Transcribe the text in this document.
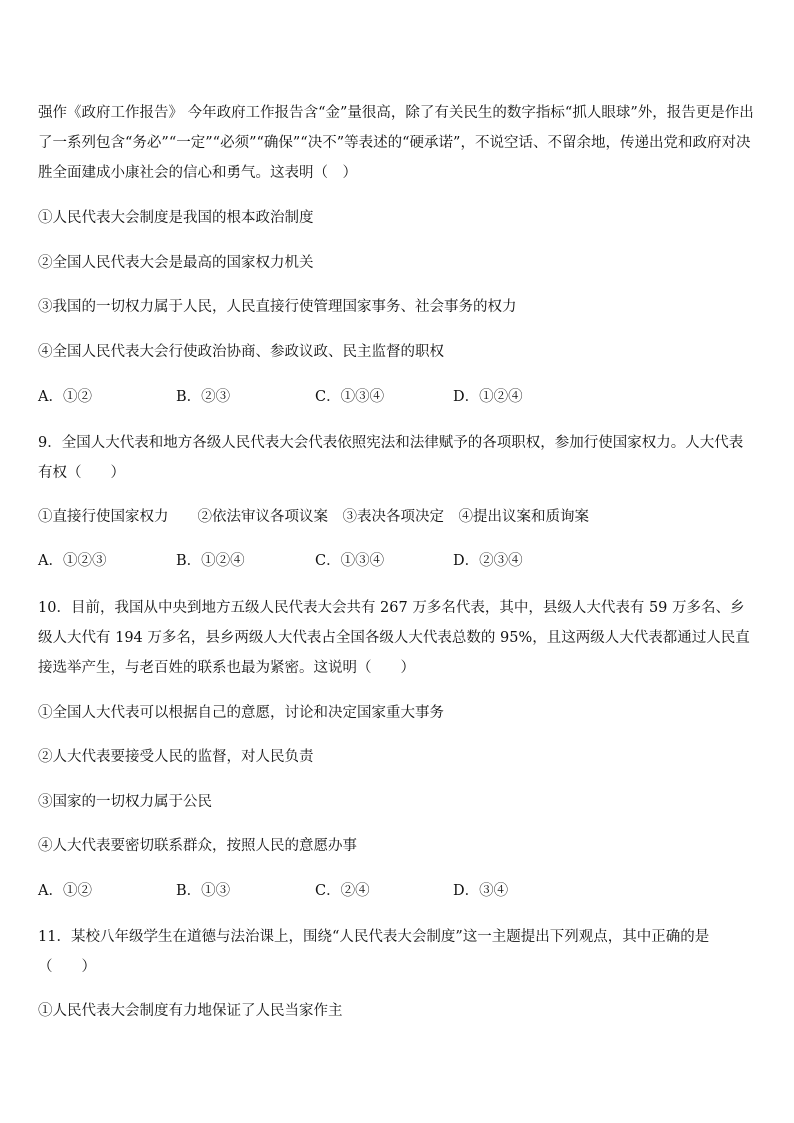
强作《政府工作报告》 今年政府工作报告含“金”量很高，除了有关民生的数字指标“抓人眼球”外，报告更是作出了一系列包含“务必”“一定”“必须”“确保”“决不”等表述的“硬承诺”，不说空话、不留余地，传递出党和政府对决胜全面建成小康社会的信心和勇气。这表明（　）
①人民代表大会制度是我国的根本政治制度
②全国人民代表大会是最高的国家权力机关
③我国的一切权力属于人民，人民直接行使管理国家事务、社会事务的权力
④全国人民代表大会行使政治协商、参政议政、民主监督的职权
A．①②	B．②③	C．①③④	D．①②④
9．全国人大代表和地方各级人民代表大会代表依照宪法和法律赋予的各项职权，参加行使国家权力。人大代表有权（　　）
①直接行使国家权力　　②依法审议各项议案　③表决各项决定　④提出议案和质询案
A．①②③	B．①②④	C．①③④	D．②③④
10．目前，我国从中央到地方五级人民代表大会共有 267 万多名代表，其中，县级人大代表有 59 万多名、乡级人大代有 194 万多名，县乡两级人大代表占全国各级人大代表总数的 95%，且这两级人大代表都通过人民直接选举产生，与老百姓的联系也最为紧密。这说明（　　）
①全国人大代表可以根据自己的意愿，讨论和决定国家重大事务
②人大代表要接受人民的监督，对人民负责
③国家的一切权力属于公民
④人大代表要密切联系群众，按照人民的意愿办事
A．①②	B．①③	C．②④	D．③④
11．某校八年级学生在道德与法治课上，围绕“人民代表大会制度”这一主题提出下列观点，其中正确的是（　　）
①人民代表大会制度有力地保证了人民当家作主
